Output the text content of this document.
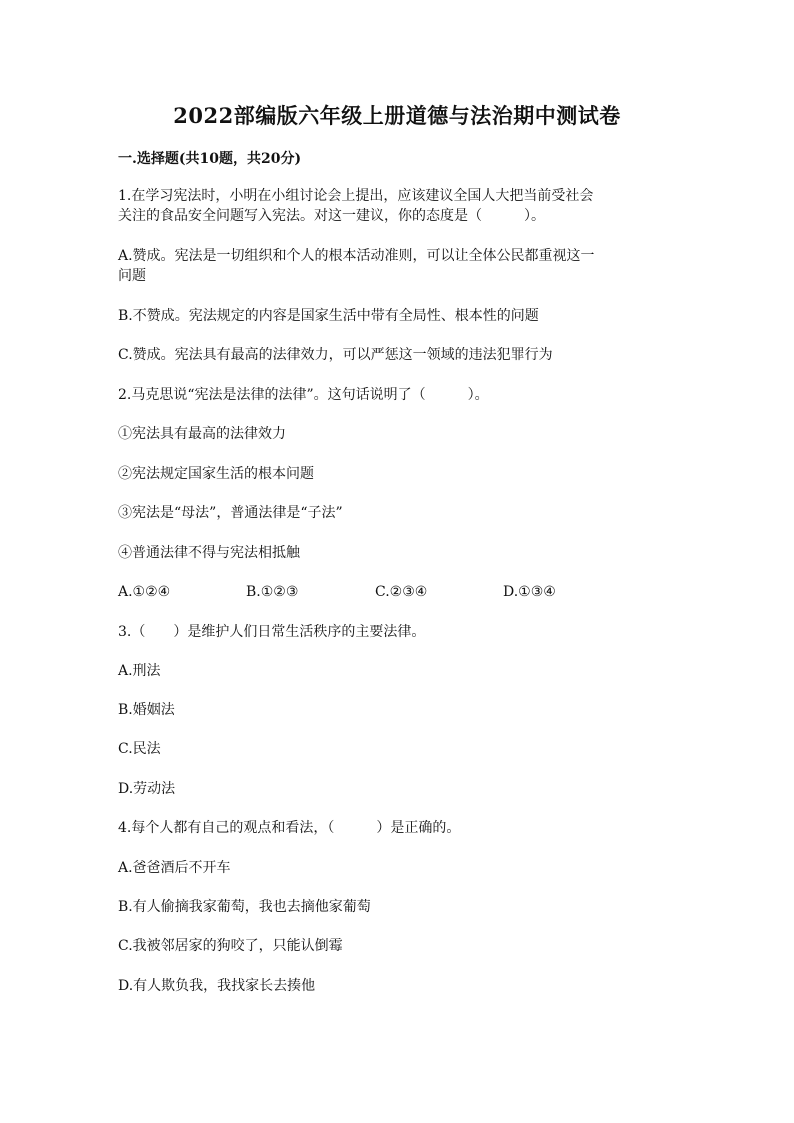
2022部编版六年级上册道德与法治期中测试卷
一.选择题(共10题，共20分)
1.在学习宪法时，小明在小组讨论会上提出，应该建议全国人大把当前受社会
关注的食品安全问题写入宪法。对这一建议，你的态度是（　　　）。
A.赞成。宪法是一切组织和个人的根本活动准则，可以让全体公民都重视这一
问题
B.不赞成。宪法规定的内容是国家生活中带有全局性、根本性的问题
C.赞成。宪法具有最高的法律效力，可以严惩这一领域的违法犯罪行为
2.马克思说“宪法是法律的法律”。这句话说明了（　　　）。
①宪法具有最高的法律效力
②宪法规定国家生活的根本问题
③宪法是“母法”，普通法律是“子法”
④普通法律不得与宪法相抵触
A.①②④	B.①②③	C.②③④	D.①③④
3.（　　）是维护人们日常生活秩序的主要法律。
A.刑法
B.婚姻法
C.民法
D.劳动法
4.每个人都有自己的观点和看法，（　　　）是正确的。
A.爸爸酒后不开车
B.有人偷摘我家葡萄，我也去摘他家葡萄
C.我被邻居家的狗咬了，只能认倒霉
D.有人欺负我，我找家长去揍他
